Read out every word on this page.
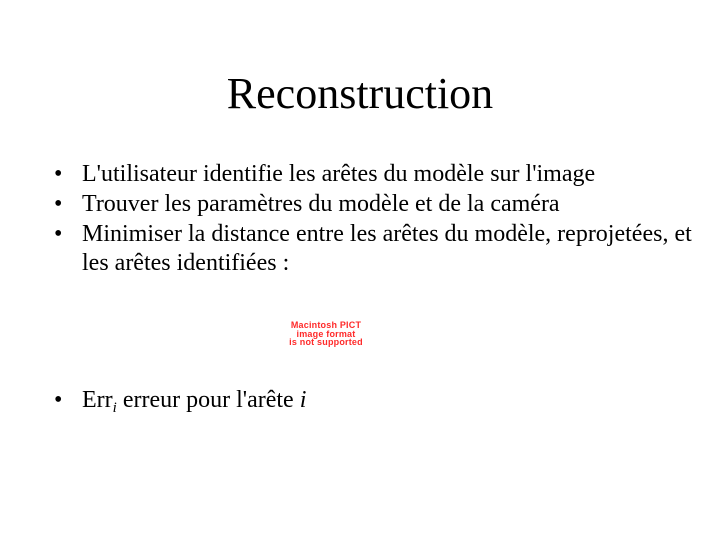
Reconstruction
• L'utilisateur identifie les arêtes du modèle sur l'image
• Trouver les paramètres du modèle et de la caméra
• Minimiser la distance entre les arêtes du modèle, reprojetées, et les arêtes identifiées :
Macintosh PICT
image format
is not supported
• Err$_i$ erreur pour l'arête i
